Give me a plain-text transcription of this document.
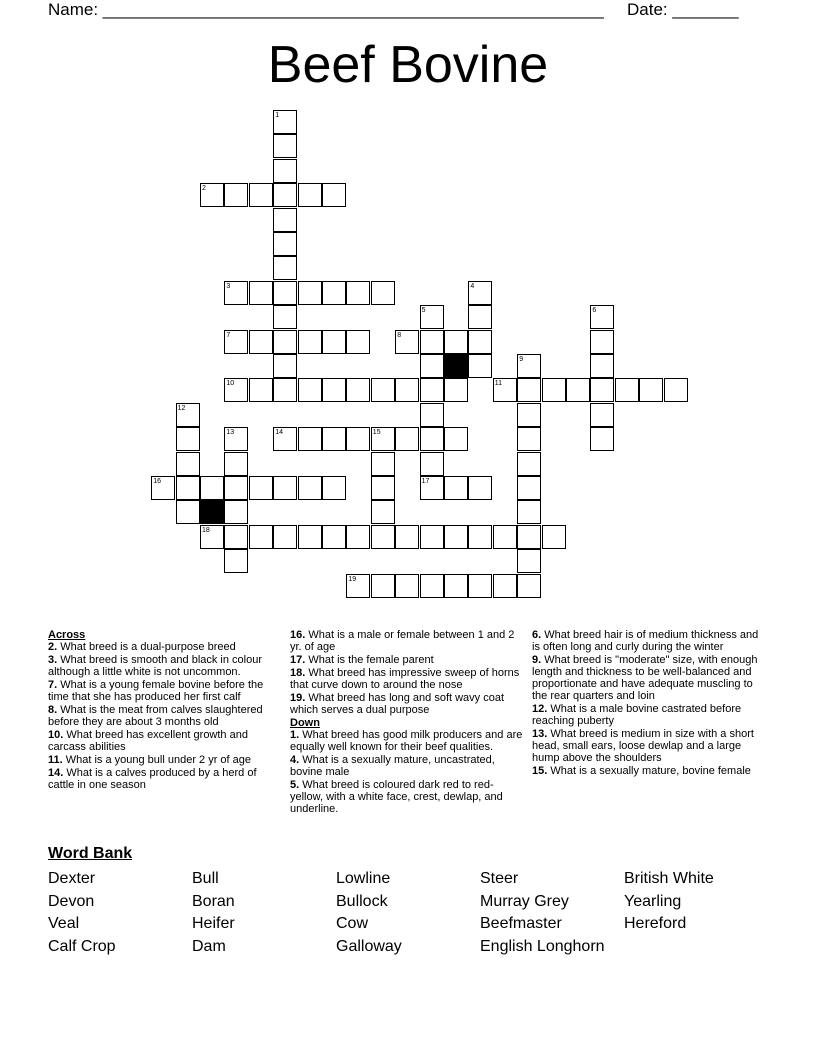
Name: _____________________________________________________ Date: _______
Beef Bovine
1
2
3	4
5	6
7	8
9
10	11
12
13	14	15
16	17
18
19
Across

2. What breed is a dual-purpose breed

3. What breed is smooth and black in colour although a little white is not uncommon.

7. What is a young female bovine before the time that she has produced her first calf

8. What is the meat from calves slaughtered before they are about 3 months old

10. What breed has excellent growth and carcass abilities

11. What is a young bull under 2 yr of age

14. What is a calves produced by a herd of cattle in one season

16. What is a male or female between 1 and 2 yr. of age

17. What is the female parent

18. What breed has impressive sweep of horns that curve down to around the nose

19. What breed has long and soft wavy coat which serves a dual purpose

Down

1. What breed has good milk producers and are equally well known for their beef qualities.

4. What is a sexually mature, uncastrated, bovine male

5. What breed is coloured dark red to red-yellow, with a white face, crest, dewlap, and underline.

6. What breed hair is of medium thickness and is often long and curly during the winter

9. What breed is "moderate" size, with enough length and thickness to be well-balanced and proportionate and have adequate muscling to the rear quarters and loin

12. What is a male bovine castrated before reaching puberty

13. What breed is medium in size with a short head, small ears, loose dewlap and a large hump above the shoulders

15. What is a sexually mature, bovine female

Word Bank
Dexter
Devon
Veal
Calf Crop
Bull
Boran
Heifer
Dam
Lowline
Bullock
Cow
Galloway
Steer
Murray Grey
Beefmaster
English Longhorn
British White
Yearling
Hereford
